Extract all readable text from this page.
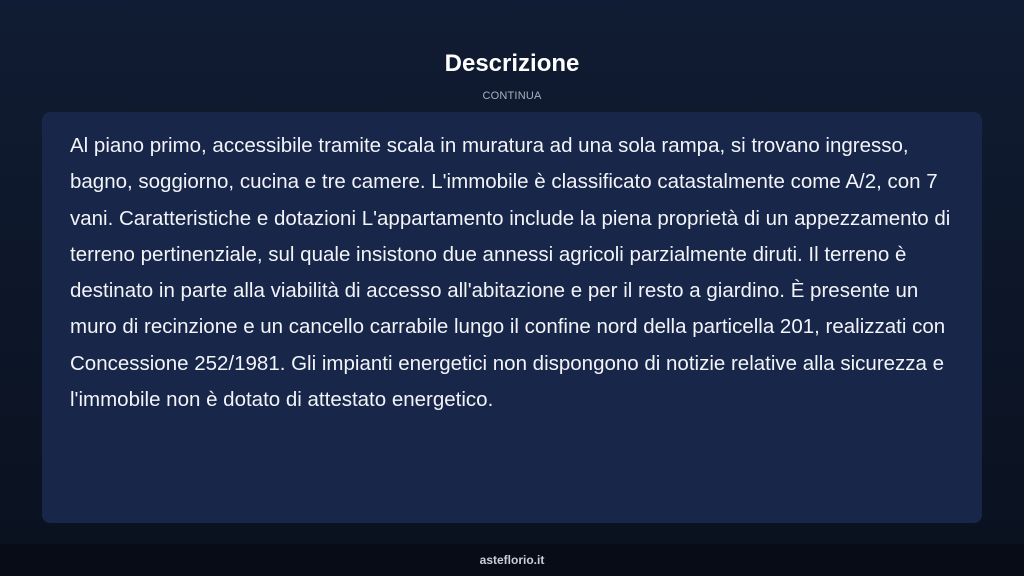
Descrizione
CONTINUA

Al piano primo, accessibile tramite scala in muratura ad una sola rampa, si trovano ingresso, bagno, soggiorno, cucina e tre camere. L'immobile è classificato catastalmente come A/2, con 7 vani. Caratteristiche e dotazioni L'appartamento include la piena proprietà di un appezzamento di terreno pertinenziale, sul quale insistono due annessi agricoli parzialmente diruti. Il terreno è destinato in parte alla viabilità di accesso all'abitazione e per il resto a giardino. È presente un muro di recinzione e un cancello carrabile lungo il confine nord della particella 201, realizzati con Concessione 252/1981. Gli impianti energetici non dispongono di notizie relative alla sicurezza e l'immobile non è dotato di attestato energetico.

asteflorio.it
